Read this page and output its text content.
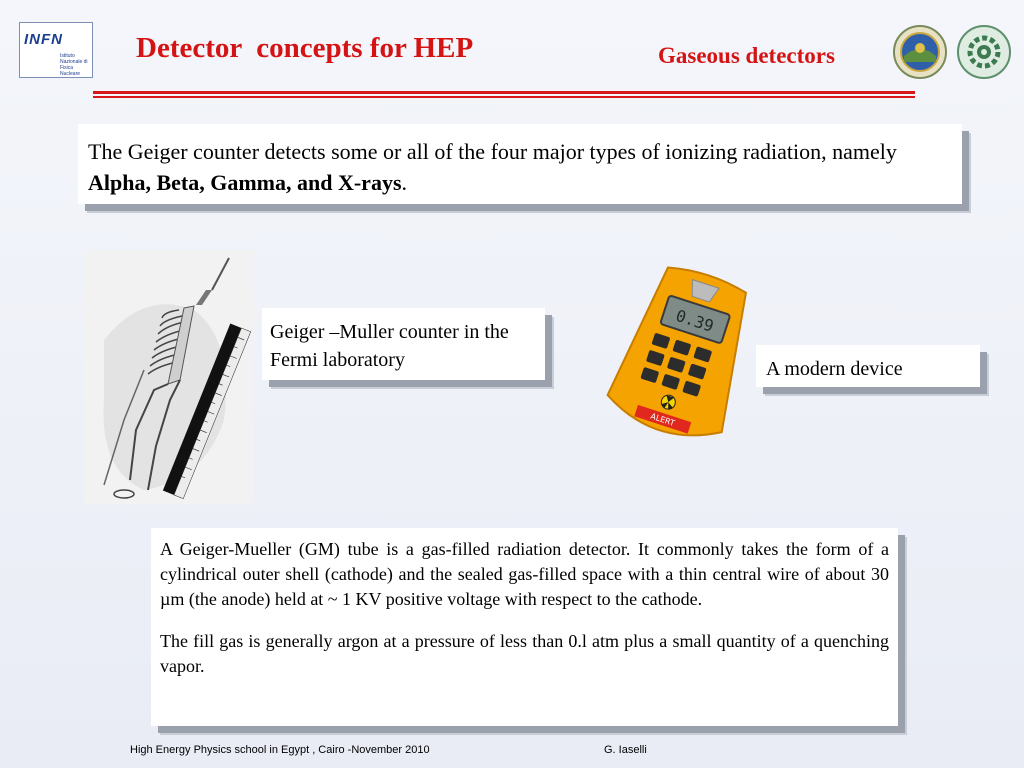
INFN
Istituto Nazionale di Fisica Nucleare
Detector  concepts for HEP	Gaseous detectors
The Geiger counter detects some or all of the four major types of ionizing radiation, namely Alpha, Beta, Gamma, and X-rays.
Geiger –Muller counter in the Fermi laboratory
0.39
ALERT
A modern device

A Geiger-Mueller (GM) tube is a gas-filled radiation detector. It commonly takes the form of a cylindrical outer shell (cathode) and the sealed gas-filled space with a thin central wire of about 30 µm (the anode) held at ~ 1 KV positive voltage with respect to the cathode.

The fill gas is generally argon at a pressure of less than 0.l atm plus a small quantity of a quenching vapor.

High Energy Physics school in Egypt , Cairo -November 2010	G. Iaselli
